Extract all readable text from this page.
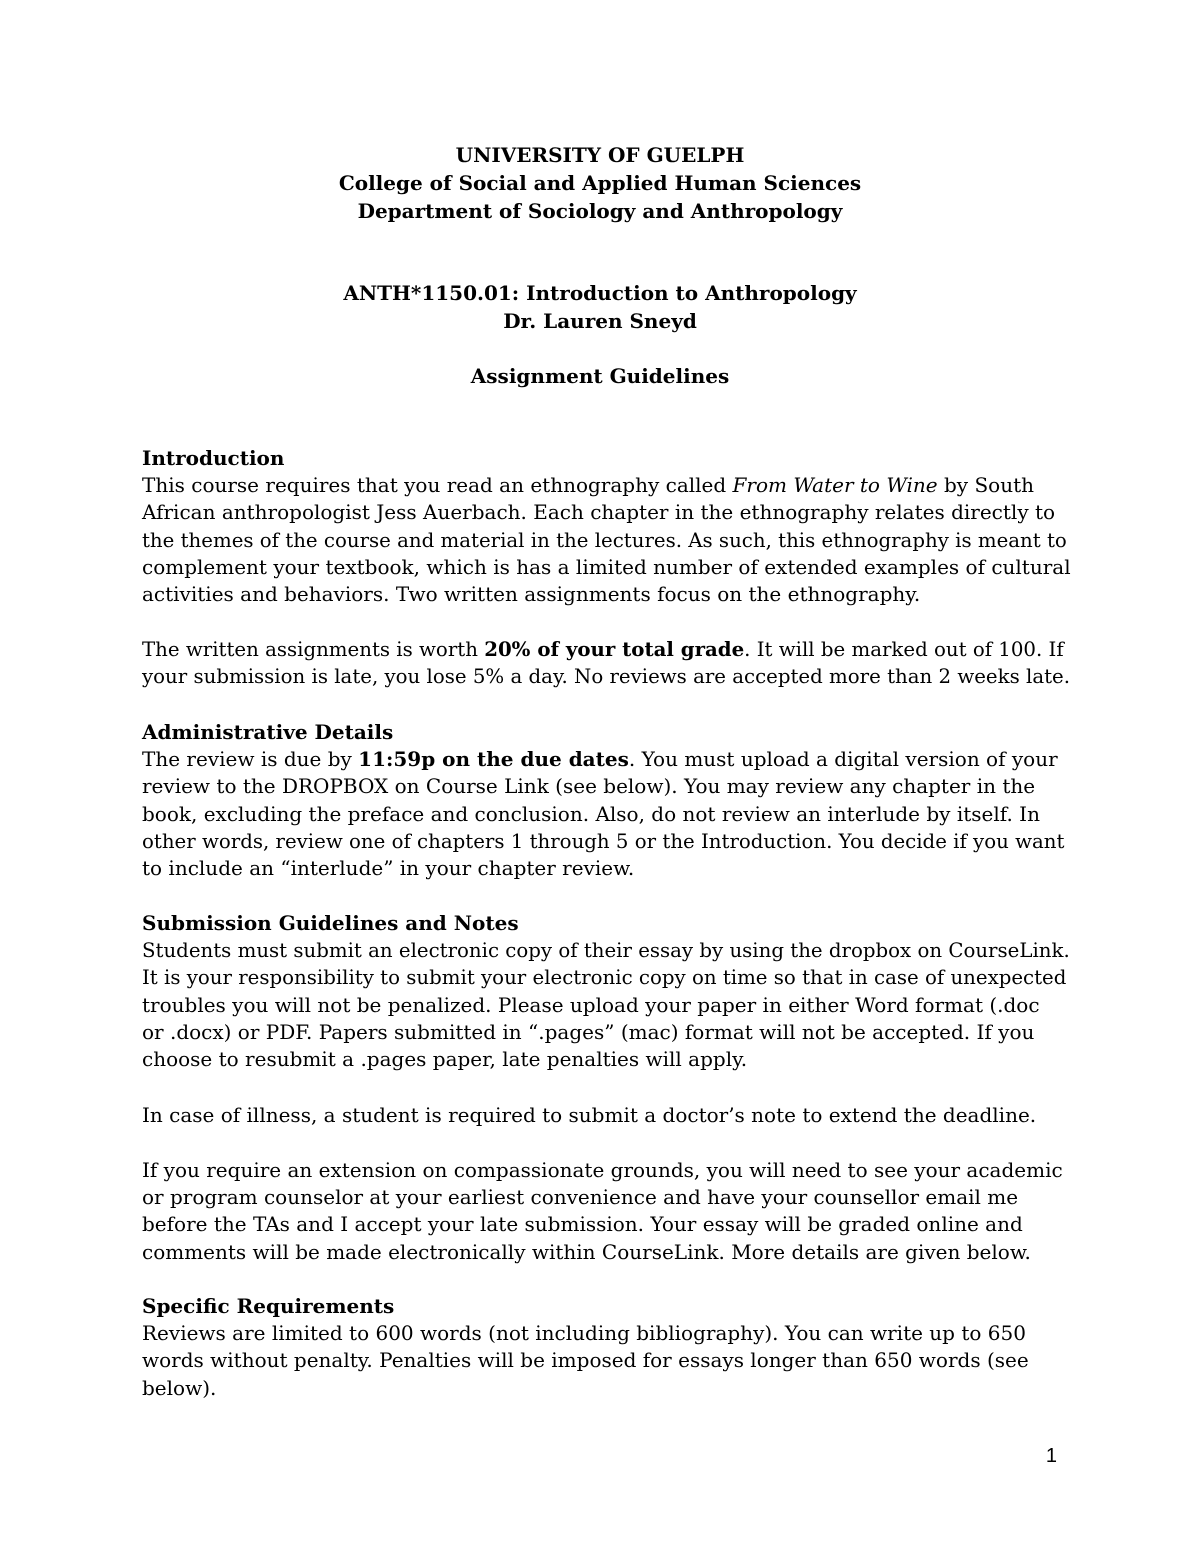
UNIVERSITY OF GUELPH
College of Social and Applied Human Sciences
Department of Sociology and Anthropology
ANTH*1150.01: Introduction to Anthropology
Dr. Lauren Sneyd
Assignment Guidelines
Introduction
This course requires that you read an ethnography called From Water to Wine by South
African anthropologist Jess Auerbach. Each chapter in the ethnography relates directly to
the themes of the course and material in the lectures. As such, this ethnography is meant to
complement your textbook, which is has a limited number of extended examples of cultural
activities and behaviors. Two written assignments focus on the ethnography.
The written assignments is worth 20% of your total grade. It will be marked out of 100. If
your submission is late, you lose 5% a day. No reviews are accepted more than 2 weeks late.
Administrative Details
The review is due by 11:59p on the due dates. You must upload a digital version of your
review to the DROPBOX on Course Link (see below). You may review any chapter in the
book, excluding the preface and conclusion. Also, do not review an interlude by itself. In
other words, review one of chapters 1 through 5 or the Introduction. You decide if you want
to include an “interlude” in your chapter review.
Submission Guidelines and Notes
Students must submit an electronic copy of their essay by using the dropbox on CourseLink.
It is your responsibility to submit your electronic copy on time so that in case of unexpected
troubles you will not be penalized. Please upload your paper in either Word format (.doc
or .docx) or PDF. Papers submitted in “.pages” (mac) format will not be accepted. If you
choose to resubmit a .pages paper, late penalties will apply.
In case of illness, a student is required to submit a doctor’s note to extend the deadline.
If you require an extension on compassionate grounds, you will need to see your academic
or program counselor at your earliest convenience and have your counsellor email me
before the TAs and I accept your late submission. Your essay will be graded online and
comments will be made electronically within CourseLink. More details are given below.
Specific Requirements
Reviews are limited to 600 words (not including bibliography). You can write up to 650
words without penalty. Penalties will be imposed for essays longer than 650 words (see
below).
1
